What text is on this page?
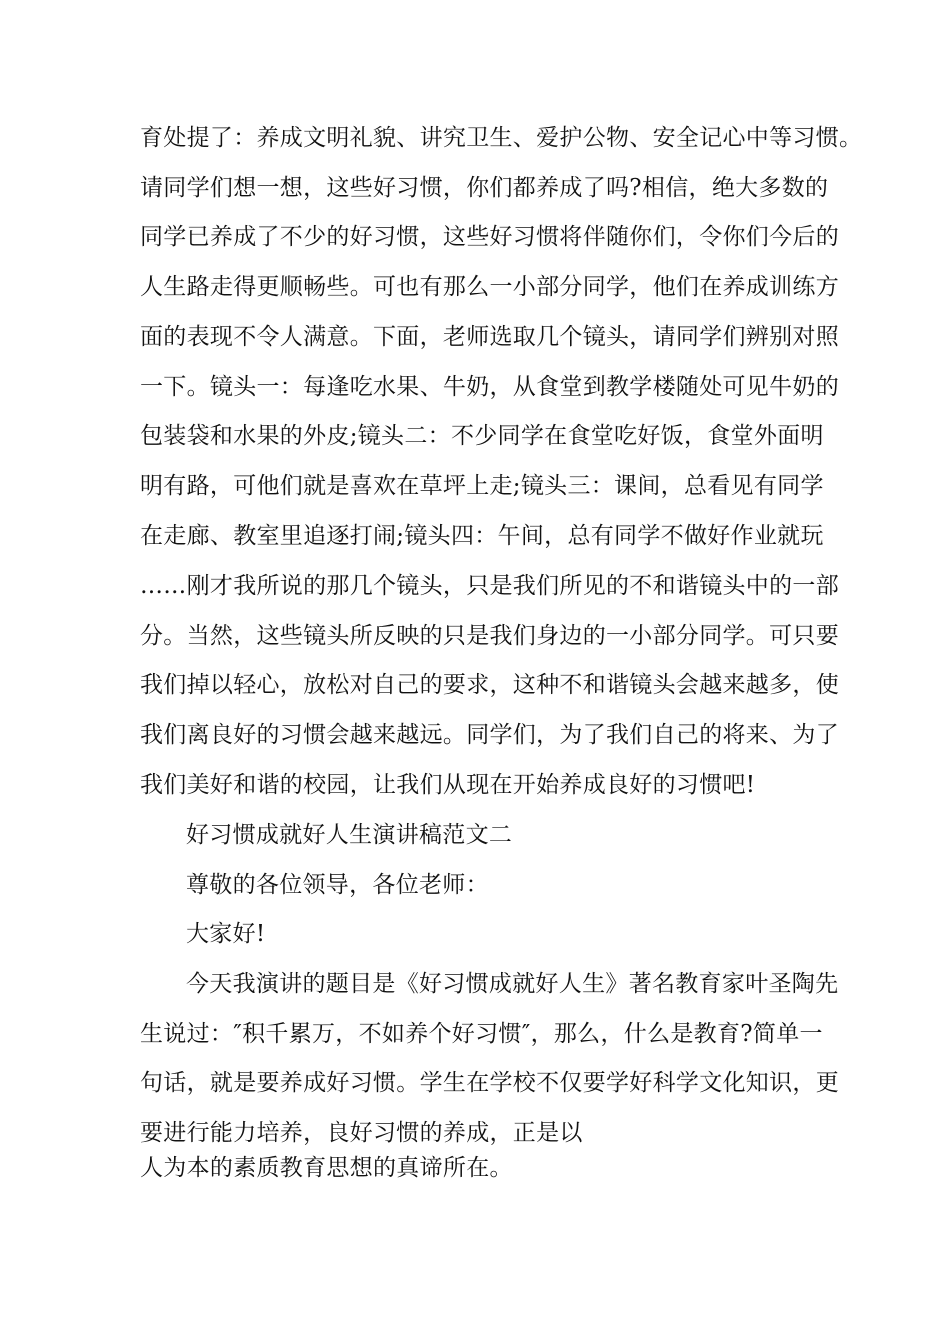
育处提了：养成文明礼貌、讲究卫生、爱护公物、安全记心中等习惯。
请同学们想一想，这些好习惯，你们都养成了吗?相信，绝大多数的
同学已养成了不少的好习惯，这些好习惯将伴随你们，令你们今后的
人生路走得更顺畅些。可也有那么一小部分同学，他们在养成训练方
面的表现不令人满意。下面，老师选取几个镜头，请同学们辨别对照
一下。镜头一：每逢吃水果、牛奶，从食堂到教学楼随处可见牛奶的
包装袋和水果的外皮;镜头二：不少同学在食堂吃好饭，食堂外面明
明有路，可他们就是喜欢在草坪上走;镜头三：课间，总看见有同学
在走廊、教室里追逐打闹;镜头四：午间，总有同学不做好作业就玩
……刚才我所说的那几个镜头，只是我们所见的不和谐镜头中的一部
分。当然，这些镜头所反映的只是我们身边的一小部分同学。可只要
我们掉以轻心，放松对自己的要求，这种不和谐镜头会越来越多，使
我们离良好的习惯会越来越远。同学们，为了我们自己的将来、为了
我们美好和谐的校园，让我们从现在开始养成良好的习惯吧!
好习惯成就好人生演讲稿范文二
尊敬的各位领导，各位老师：
大家好!
今天我演讲的题目是《好习惯成就好人生》著名教育家叶圣陶先
生说过：″积千累万，不如养个好习惯″，那么，什么是教育?简单一
句话，就是要养成好习惯。学生在学校不仅要学好科学文化知识，更
要进行能力培养，良好习惯的养成，正是以
人为本的素质教育思想的真谛所在。
